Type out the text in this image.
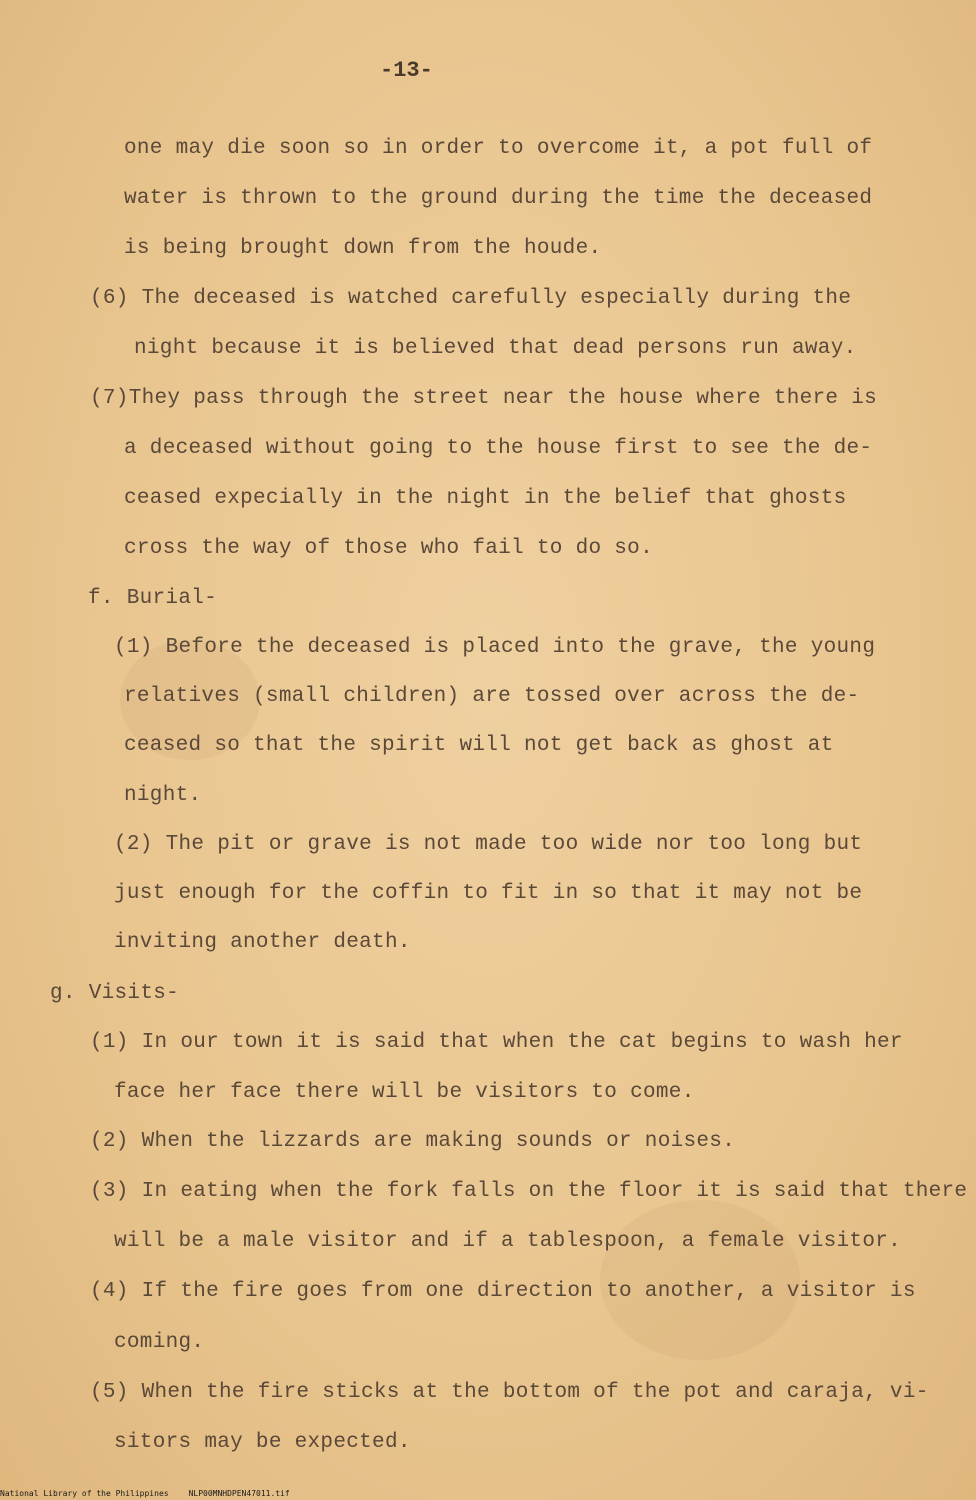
-13-
one may die soon so in order to overcome it, a pot full of
water is thrown to the ground during the time the deceased
is being brought down from the houde.
(6) The deceased is watched carefully especially during the
night because it is believed that dead persons run away.
(7)They pass through the street near the house where there is
a deceased without going to the house first to see the de-
ceased expecially in the night in the belief that ghosts
cross the way of those who fail to do so.
f. Burial-
(1) Before the deceased is placed into the grave, the young
relatives (small children) are tossed over across the de-
ceased so that the spirit will not get back as ghost at
night.
(2) The pit or grave is not made too wide nor too long but
just enough for the coffin to fit in so that it may not be
inviting another death.
g. Visits-
(1) In our town it is said that when the cat begins to wash her
face her face there will be visitors to come.
(2) When the lizzards are making sounds or noises.
(3) In eating when the fork falls on the floor it is said that there
will be a male visitor and if a tablespoon, a female visitor.
(4) If the fire goes from one direction to another, a visitor is
coming.
(5) When the fire sticks at the bottom of the pot and caraja, vi-
sitors may be expected.
National Library of the Philippines	NLP00MNHDPEN47011.tif
